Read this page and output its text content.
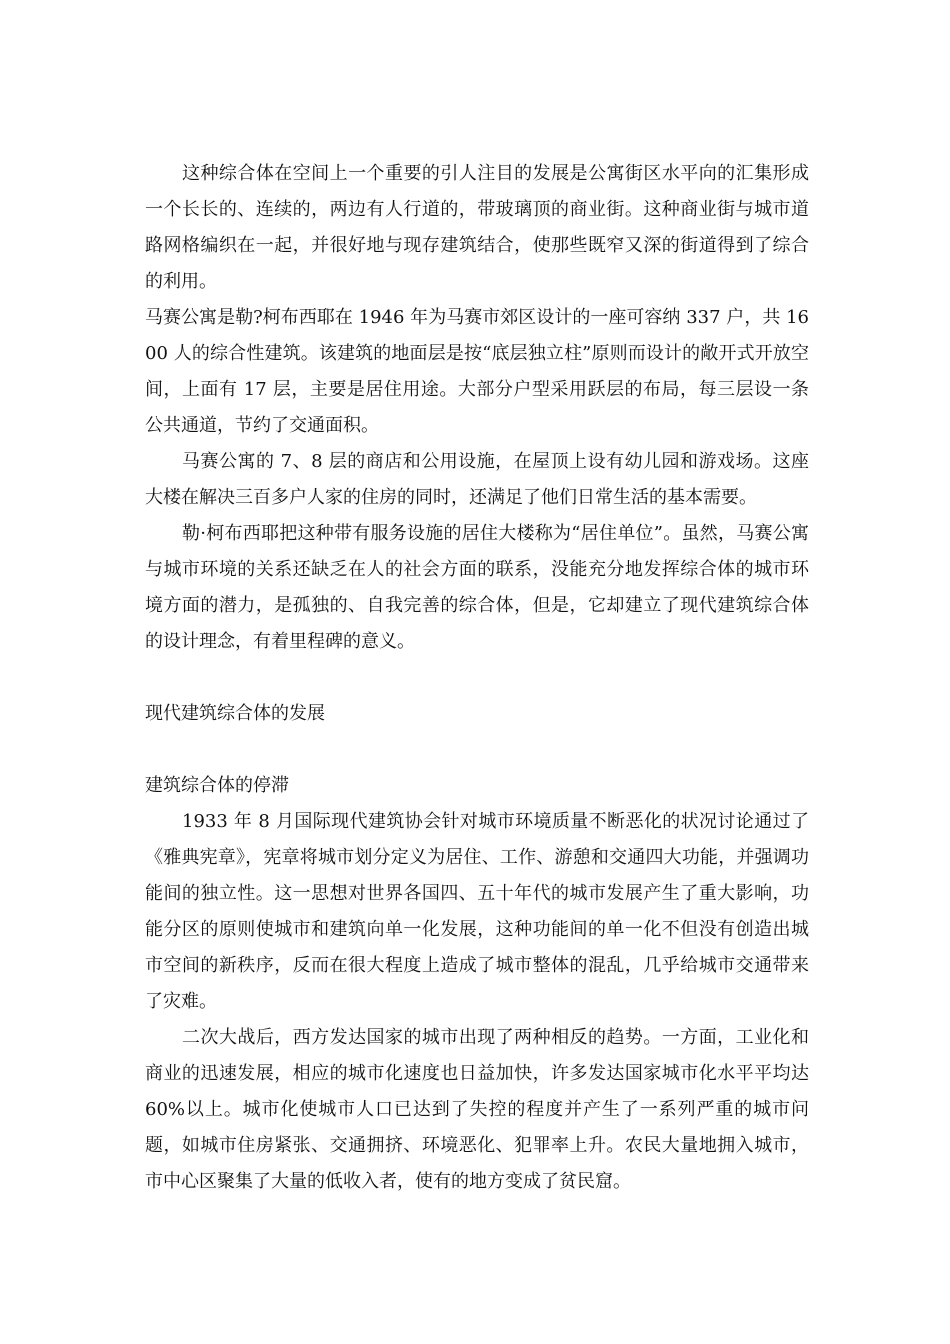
这种综合体在空间上一个重要的引人注目的发展是公寓街区水平向的汇集形成一个长长的、连续的，两边有人行道的，带玻璃顶的商业街。这种商业街与城市道路网格编织在一起，并很好地与现存建筑结合，使那些既窄又深的街道得到了综合的利用。

马赛公寓是勒?柯布西耶在 1946 年为马赛市郊区设计的一座可容纳 337 户，共 1600 人的综合性建筑。该建筑的地面层是按“底层独立柱”原则而设计的敞开式开放空间，上面有 17 层，主要是居住用途。大部分户型采用跃层的布局，每三层设一条公共通道，节约了交通面积。

马赛公寓的 7、8 层的商店和公用设施，在屋顶上设有幼儿园和游戏场。这座大楼在解决三百多户人家的住房的同时，还满足了他们日常生活的基本需要。

勒·柯布西耶把这种带有服务设施的居住大楼称为“居住单位”。虽然，马赛公寓与城市环境的关系还缺乏在人的社会方面的联系，没能充分地发挥综合体的城市环境方面的潜力，是孤独的、自我完善的综合体，但是，它却建立了现代建筑综合体的设计理念，有着里程碑的意义。

现代建筑综合体的发展
建筑综合体的停滞

1933 年 8 月国际现代建筑协会针对城市环境质量不断恶化的状况讨论通过了《雅典宪章》，宪章将城市划分定义为居住、工作、游憩和交通四大功能，并强调功能间的独立性。这一思想对世界各国四、五十年代的城市发展产生了重大影响，功能分区的原则使城市和建筑向单一化发展，这种功能间的单一化不但没有创造出城市空间的新秩序，反而在很大程度上造成了城市整体的混乱，几乎给城市交通带来了灾难。

二次大战后，西方发达国家的城市出现了两种相反的趋势。一方面，工业化和商业的迅速发展，相应的城市化速度也日益加快，许多发达国家城市化水平平均达 60%以上。城市化使城市人口已达到了失控的程度并产生了一系列严重的城市问题，如城市住房紧张、交通拥挤、环境恶化、犯罪率上升。农民大量地拥入城市，市中心区聚集了大量的低收入者，使有的地方变成了贫民窟。
